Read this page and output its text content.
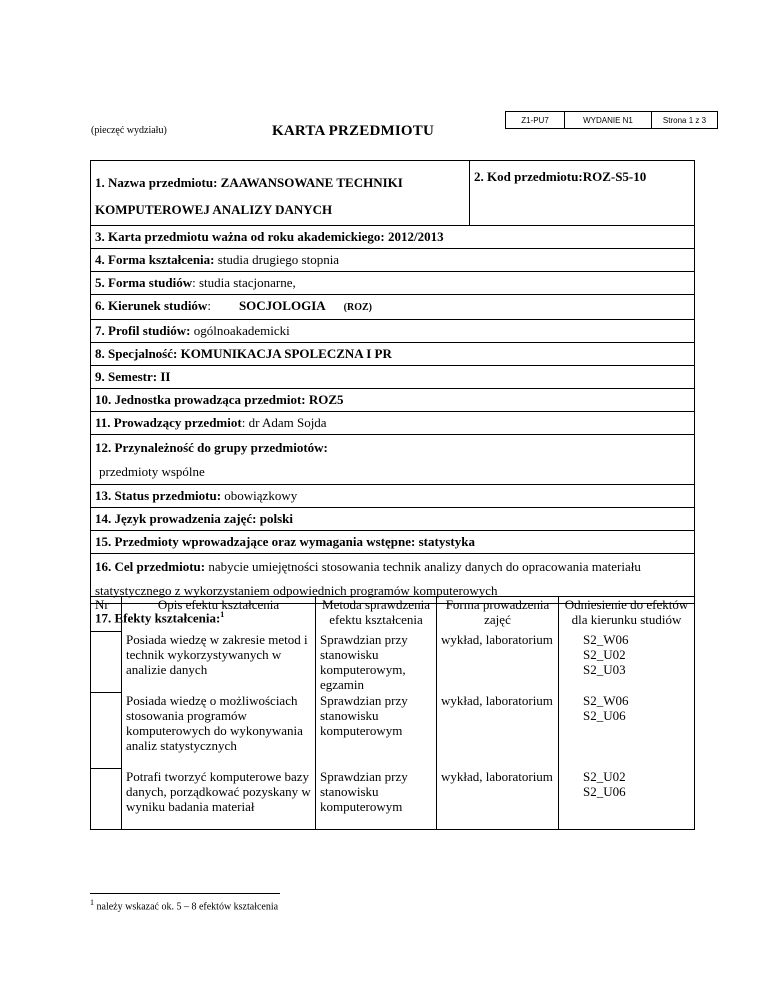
Z1-PU7	WYDANIE N1	Strona 1 z 3
(pieczęć wydziału)	KARTA PRZEDMIOTU
1. Nazwa przedmiotu: ZAAWANSOWANE TECHNIKI KOMPUTEROWEJ ANALIZY DANYCH	2. Kod przedmiotu:ROZ-S5-10
3. Karta przedmiotu ważna od roku akademickiego: 2012/2013
4. Forma kształcenia: studia drugiego stopnia
5. Forma studiów: studia stacjonarne,
6. Kierunek studiów: SOCJOLOGIA (ROZ)
7. Profil studiów: ogólnoakademicki
8. Specjalność: KOMUNIKACJA SPOLECZNA I PR
9. Semestr: II
10. Jednostka prowadząca przedmiot: ROZ5
11. Prowadzący przedmiot: dr Adam Sojda
12. Przynależność do grupy przedmiotów:
przedmioty wspólne
13. Status przedmiotu: obowiązkowy
14. Język prowadzenia zajęć: polski
15. Przedmioty wprowadzające oraz wymagania wstępne: statystyka
16. Cel przedmiotu: nabycie umiejętności stosowania technik analizy danych do opracowania materiału statystycznego z wykorzystaniem odpowiednich programów komputerowych
17. Efekty kształcenia:$^1$
Nr	Opis efektu kształcenia	Metoda sprawdzenia efektu kształcenia	Forma prowadzenia zajęć	Odniesienie do efektów dla kierunku studiów
	Posiada wiedzę w zakresie metod i technik wykorzystywanych w analizie danych	Sprawdzian przy stanowisku komputerowym, egzamin	wykład, laboratorium	S2_W06 S2_U02 S2_U03
	Posiada wiedzę o możliwościach stosowania programów komputerowych do wykonywania analiz statystycznych	Sprawdzian przy stanowisku komputerowym	wykład, laboratorium	S2_W06 S2_U06
	Potrafi tworzyć komputerowe bazy danych, porządkować pozyskany w wyniku badania materiał	Sprawdzian przy stanowisku komputerowym	wykład, laboratorium	S2_U02 S2_U06
$^1$ należy wskazać ok. 5 – 8 efektów kształcenia
